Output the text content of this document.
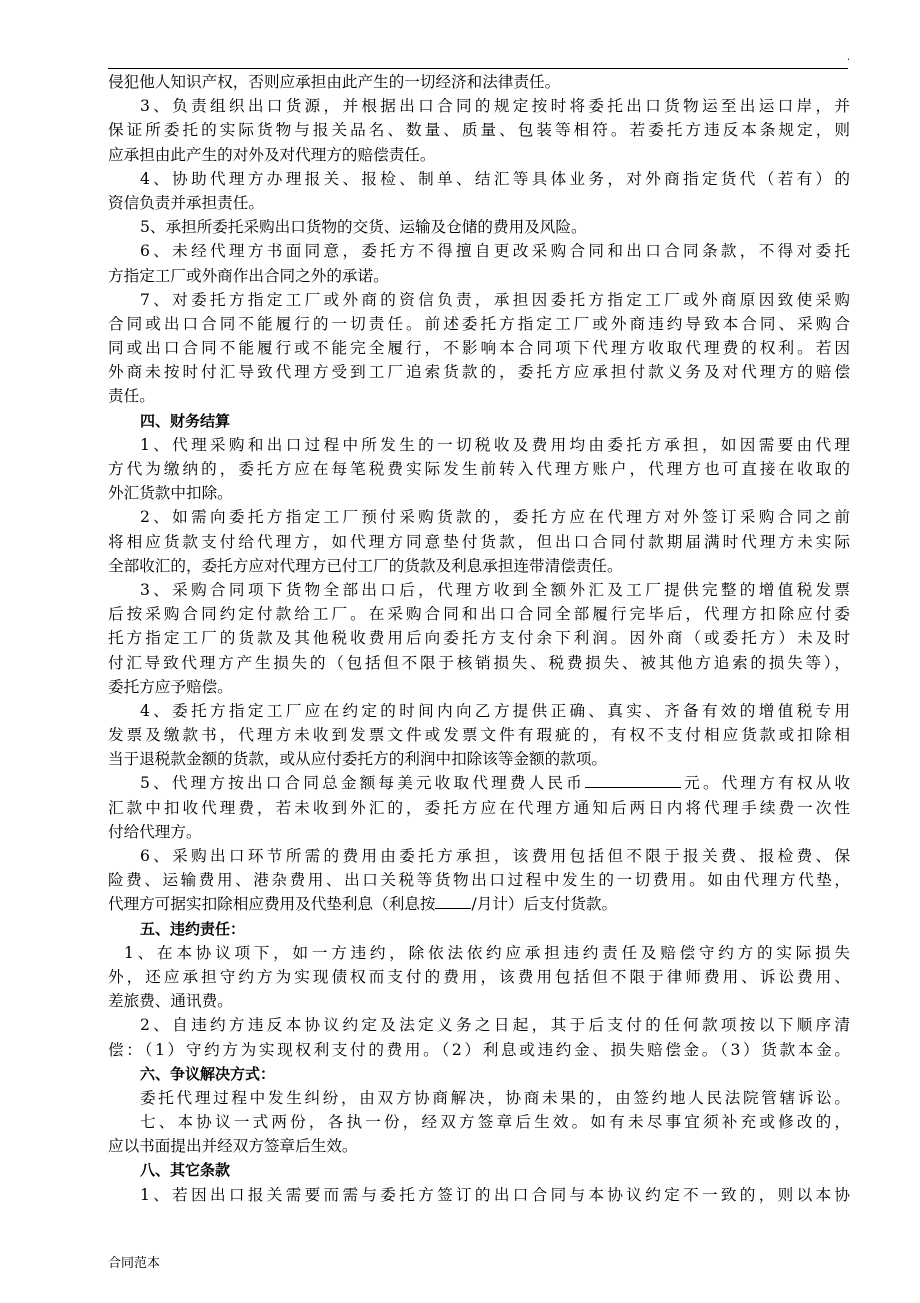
.
侵犯他人知识产权，否则应承担由此产生的一切经济和法律责任。
3、负责组织出口货源，并根据出口合同的规定按时将委托出口货物运至出运口岸，并
保证所委托的实际货物与报关品名、数量、质量、包装等相符。若委托方违反本条规定，则
应承担由此产生的对外及对代理方的赔偿责任。
4、协助代理方办理报关、报检、制单、结汇等具体业务，对外商指定货代（若有）的
资信负责并承担责任。
5、承担所委托采购出口货物的交货、运输及仓储的费用及风险。
6、未经代理方书面同意，委托方不得擅自更改采购合同和出口合同条款，不得对委托
方指定工厂或外商作出合同之外的承诺。
7、对委托方指定工厂或外商的资信负责，承担因委托方指定工厂或外商原因致使采购
合同或出口合同不能履行的一切责任。前述委托方指定工厂或外商违约导致本合同、采购合
同或出口合同不能履行或不能完全履行，不影响本合同项下代理方收取代理费的权利。若因
外商未按时付汇导致代理方受到工厂追索货款的，委托方应承担付款义务及对代理方的赔偿
责任。
四、财务结算
1、代理采购和出口过程中所发生的一切税收及费用均由委托方承担，如因需要由代理
方代为缴纳的，委托方应在每笔税费实际发生前转入代理方账户，代理方也可直接在收取的
外汇货款中扣除。
2、如需向委托方指定工厂预付采购货款的，委托方应在代理方对外签订采购合同之前
将相应货款支付给代理方，如代理方同意垫付货款，但出口合同付款期届满时代理方未实际
全部收汇的，委托方应对代理方已付工厂的货款及利息承担连带清偿责任。
3、采购合同项下货物全部出口后，代理方收到全额外汇及工厂提供完整的增值税发票
后按采购合同约定付款给工厂。在采购合同和出口合同全部履行完毕后，代理方扣除应付委
托方指定工厂的货款及其他税收费用后向委托方支付余下利润。因外商（或委托方）未及时
付汇导致代理方产生损失的（包括但不限于核销损失、税费损失、被其他方追索的损失等），
委托方应予赔偿。
4、委托方指定工厂应在约定的时间内向乙方提供正确、真实、齐备有效的增值税专用
发票及缴款书，代理方未收到发票文件或发票文件有瑕疵的，有权不支付相应货款或扣除相
当于退税款金额的货款，或从应付委托方的利润中扣除该等金额的款项。
5、代理方按出口合同总金额每美元收取代理费人民币	元。代理方有权从收
汇款中扣收代理费，若未收到外汇的，委托方应在代理方通知后两日内将代理手续费一次性
付给代理方。
6、采购出口环节所需的费用由委托方承担，该费用包括但不限于报关费、报检费、保
险费、运输费用、港杂费用、出口关税等货物出口过程中发生的一切费用。如由代理方代垫，
代理方可据实扣除相应费用及代垫利息（利息按 /月计）后支付货款。
五、违约责任：
1、在本协议项下，如一方违约，除依法依约应承担违约责任及赔偿守约方的实际损失
外，还应承担守约方为实现债权而支付的费用，该费用包括但不限于律师费用、诉讼费用、
差旅费、通讯费。
2、自违约方违反本协议约定及法定义务之日起，其于后支付的任何款项按以下顺序清
偿：（1）守约方为实现权利支付的费用。（2）利息或违约金、损失赔偿金。（3）货款本金。
六、争议解决方式：
委托代理过程中发生纠纷，由双方协商解决，协商未果的，由签约地人民法院管辖诉讼。
七、本协议一式两份，各执一份，经双方签章后生效。如有未尽事宜须补充或修改的，
应以书面提出并经双方签章后生效。
八、其它条款
1、若因出口报关需要而需与委托方签订的出口合同与本协议约定不一致的，则以本协
合同范本
